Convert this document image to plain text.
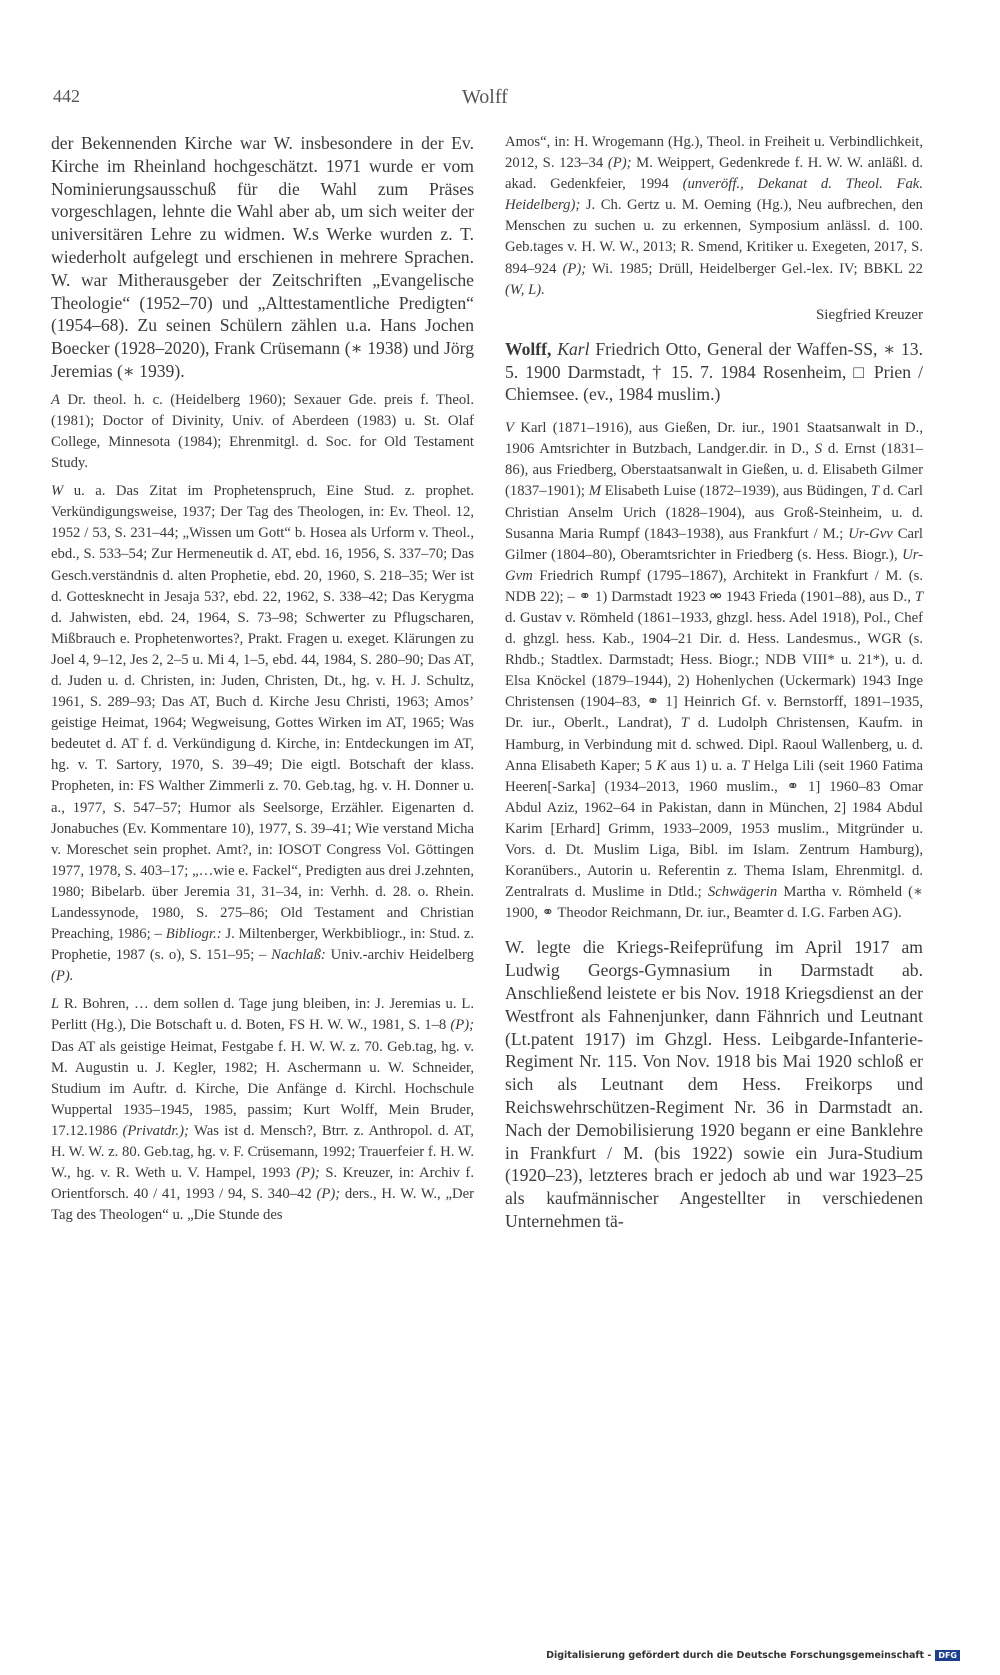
442	Wolff

der Bekennenden Kirche war W. insbesondere in der Ev. Kirche im Rheinland hochgeschätzt. 1971 wurde er vom Nominierungsausschuß für die Wahl zum Präses vorgeschlagen, lehnte die Wahl aber ab, um sich weiter der universitären Lehre zu widmen. W.s Werke wurden z. T. wiederholt aufgelegt und erschienen in mehrere Sprachen. W. war Mitherausgeber der Zeitschriften „Evangelische Theologie“ (1952–70) und „Alttestamentliche Predigten“ (1954–68). Zu seinen Schülern zählen u.a. Hans Jochen Boecker (1928–2020), Frank Crüsemann (∗ 1938) und Jörg Jeremias (∗ 1939).

A Dr. theol. h. c. (Heidelberg 1960); Sexauer Gde. preis f. Theol. (1981); Doctor of Divinity, Univ. of Aberdeen (1983) u. St. Olaf College, Minnesota (1984); Ehrenmitgl. d. Soc. for Old Testament Study.

W u. a. Das Zitat im Prophetenspruch, Eine Stud. z. prophet. Verkündigungsweise, 1937; Der Tag des Theologen, in: Ev. Theol. 12, 1952 / 53, S. 231–44; „Wissen um Gott“ b. Hosea als Urform v. Theol., ebd., S. 533–54; Zur Hermeneutik d. AT, ebd. 16, 1956, S. 337–70; Das Gesch.verständnis d. alten Prophetie, ebd. 20, 1960, S. 218–35; Wer ist d. Gottesknecht in Jesaja 53?, ebd. 22, 1962, S. 338–42; Das Kerygma d. Jahwisten, ebd. 24, 1964, S. 73–98; Schwerter zu Pflugscharen, Mißbrauch e. Prophetenwortes?, Prakt. Fragen u. exeget. Klärungen zu Joel 4, 9–12, Jes 2, 2–5 u. Mi 4, 1–5, ebd. 44, 1984, S. 280–90; Das AT, d. Juden u. d. Christen, in: Juden, Christen, Dt., hg. v. H. J. Schultz, 1961, S. 289–93; Das AT, Buch d. Kirche Jesu Christi, 1963; Amos’ geistige Heimat, 1964; Wegweisung, Gottes Wirken im AT, 1965; Was bedeutet d. AT f. d. Verkündigung d. Kirche, in: Entdeckungen im AT, hg. v. T. Sartory, 1970, S. 39–49; Die eigtl. Botschaft der klass. Propheten, in: FS Walther Zimmerli z. 70. Geb.tag, hg. v. H. Donner u. a., 1977, S. 547–57; Humor als Seelsorge, Erzähler. Eigenarten d. Jonabuches (Ev. Kommentare 10), 1977, S. 39–41; Wie verstand Micha v. Moreschet sein prophet. Amt?, in: IOSOT Congress Vol. Göttingen 1977, 1978, S. 403–17; „…wie e. Fackel“, Predigten aus drei J.zehnten, 1980; Bibelarb. über Jeremia 31, 31–34, in: Verhh. d. 28. o. Rhein. Landessynode, 1980, S. 275–86; Old Testament and Christian Preaching, 1986; – Bibliogr.: J. Miltenberger, Werkbibliogr., in: Stud. z. Prophetie, 1987 (s. o), S. 151–95; – Nachlaß: Univ.-archiv Heidelberg (P).

L R. Bohren, … dem sollen d. Tage jung bleiben, in: J. Jeremias u. L. Perlitt (Hg.), Die Botschaft u. d. Boten, FS H. W. W., 1981, S. 1–8 (P); Das AT als geistige Heimat, Festgabe f. H. W. W. z. 70. Geb.tag, hg. v. M. Augustin u. J. Kegler, 1982; H. Aschermann u. W. Schneider, Studium im Auftr. d. Kirche, Die Anfänge d. Kirchl. Hochschule Wuppertal 1935–1945, 1985, passim; Kurt Wolff, Mein Bruder, 17.12.1986 (Privatdr.); Was ist d. Mensch?, Btrr. z. Anthropol. d. AT, H. W. W. z. 80. Geb.tag, hg. v. F. Crüsemann, 1992; Trauerfeier f. H. W. W., hg. v. R. Weth u. V. Hampel, 1993 (P); S. Kreuzer, in: Archiv f. Orientforsch. 40 / 41, 1993 / 94, S. 340–42 (P); ders., H. W. W., „Der Tag des Theologen“ u. „Die Stunde des

Amos“, in: H. Wrogemann (Hg.), Theol. in Freiheit u. Verbindlichkeit, 2012, S. 123–34 (P); M. Weippert, Gedenkrede f. H. W. W. anläßl. d. akad. Gedenkfeier, 1994 (unveröff., Dekanat d. Theol. Fak. Heidelberg); J. Ch. Gertz u. M. Oeming (Hg.), Neu aufbrechen, den Menschen zu suchen u. zu erkennen, Symposium anlässl. d. 100. Geb.tages v. H. W. W., 2013; R. Smend, Kritiker u. Exegeten, 2017, S. 894–924 (P); Wi. 1985; Drüll, Heidelberger Gel.-lex. IV; BBKL 22 (W, L).

Siegfried Kreuzer

Wolff, Karl Friedrich Otto, General der Waffen-SS, ∗ 13. 5. 1900 Darmstadt, † 15. 7. 1984 Rosenheim, □ Prien / Chiemsee. (ev., 1984 muslim.)

V Karl (1871–1916), aus Gießen, Dr. iur., 1901 Staatsanwalt in D., 1906 Amtsrichter in Butzbach, Landger.dir. in D., S d. Ernst (1831–86), aus Friedberg, Oberstaatsanwalt in Gießen, u. d. Elisabeth Gilmer (1837–1901); M Elisabeth Luise (1872–1939), aus Büdingen, T d. Carl Christian Anselm Urich (1828–1904), aus Groß-Steinheim, u. d. Susanna Maria Rumpf (1843–1938), aus Frankfurt / M.; Ur-Gvv Carl Gilmer (1804–80), Oberamtsrichter in Friedberg (s. Hess. Biogr.), Ur-Gvm Friedrich Rumpf (1795–1867), Architekt in Frankfurt / M. (s. NDB 22); – ⚭ 1) Darmstadt 1923 ⚮ 1943 Frieda (1901–88), aus D., T d. Gustav v. Römheld (1861–1933, ghzgl. hess. Adel 1918), Pol., Chef d. ghzgl. hess. Kab., 1904–21 Dir. d. Hess. Landesmus., WGR (s. Rhdb.; Stadtlex. Darmstadt; Hess. Biogr.; NDB VIII* u. 21*), u. d. Elsa Knöckel (1879–1944), 2) Hohenlychen (Uckermark) 1943 Inge Christensen (1904–83, ⚭ 1] Heinrich Gf. v. Bernstorff, 1891–1935, Dr. iur., Oberlt., Landrat), T d. Ludolph Christensen, Kaufm. in Hamburg, in Verbindung mit d. schwed. Dipl. Raoul Wallenberg, u. d. Anna Elisabeth Kaper; 5 K aus 1) u. a. T Helga Lili (seit 1960 Fatima Heeren[-Sarka] (1934–2013, 1960 muslim., ⚭ 1] 1960–83 Omar Abdul Aziz, 1962–64 in Pakistan, dann in München, 2] 1984 Abdul Karim [Erhard] Grimm, 1933–2009, 1953 muslim., Mitgründer u. Vors. d. Dt. Muslim Liga, Bibl. im Islam. Zentrum Hamburg), Koranübers., Autorin u. Referentin z. Thema Islam, Ehrenmitgl. d. Zentralrats d. Muslime in Dtld.; Schwägerin Martha v. Römheld (∗ 1900, ⚭ Theodor Reichmann, Dr. iur., Beamter d. I.G. Farben AG).

W. legte die Kriegs-Reifeprüfung im April 1917 am Ludwig Georgs-Gymnasium in Darmstadt ab. Anschließend leistete er bis Nov. 1918 Kriegsdienst an der Westfront als Fahnenjunker, dann Fähnrich und Leutnant (Lt.patent 1917) im Ghzgl. Hess. Leibgarde-Infanterie-Regiment Nr. 115. Von Nov. 1918 bis Mai 1920 schloß er sich als Leutnant dem Hess. Freikorps und Reichswehrschützen-Regiment Nr. 36 in Darmstadt an. Nach der Demobilisierung 1920 begann er eine Banklehre in Frankfurt / M. (bis 1922) sowie ein Jura-Studium (1920–23), letzteres brach er jedoch ab und war 1923–25 als kaufmännischer Angestellter in verschiedenen Unternehmen tä-

Digitalisierung gefördert durch die Deutsche Forschungsgemeinschaft - DFG
